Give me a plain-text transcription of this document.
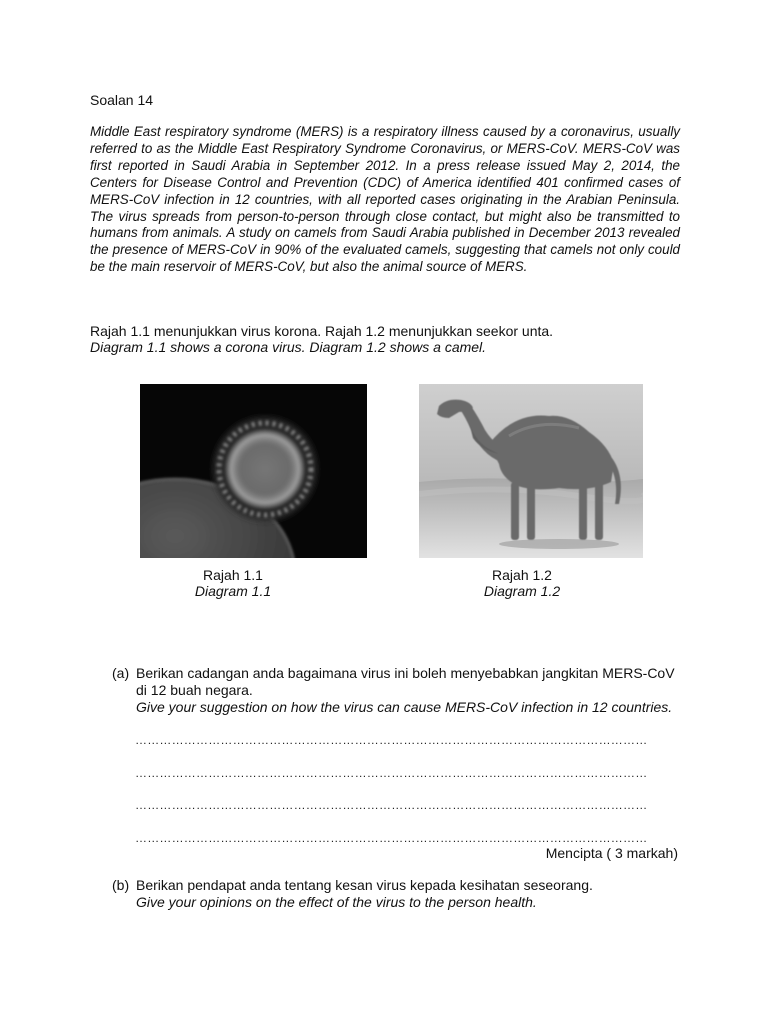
Soalan 14
Middle East respiratory syndrome (MERS) is a respiratory illness caused by a coronavirus, usually referred to as the Middle East Respiratory Syndrome Coronavirus, or MERS-CoV. MERS-CoV was first reported in Saudi Arabia in September 2012. In a press release issued May 2, 2014, the Centers for Disease Control and Prevention (CDC) of America identified 401 confirmed cases of MERS-CoV infection in 12 countries, with all reported cases originating in the Arabian Peninsula. The virus spreads from person-to-person through close contact, but might also be transmitted to humans from animals. A study on camels from Saudi Arabia published in December 2013 revealed the presence of MERS-CoV in 90% of the evaluated camels, suggesting that camels not only could be the main reservoir of MERS-CoV, but also the animal source of MERS.
Rajah 1.1 menunjukkan virus korona. Rajah 1.2 menunjukkan seekor unta.
Diagram 1.1 shows a corona virus. Diagram 1.2 shows a camel.
Rajah 1.1
Diagram 1.1
Rajah 1.2
Diagram 1.2
(a) Berikan cadangan anda bagaimana virus ini boleh menyebabkan jangkitan MERS-CoV di 12 buah negara.
Give your suggestion on how the virus can cause MERS-CoV infection in 12 countries.
………………………………………………………………………………………………………………
………………………………………………………………………………………………………………
………………………………………………………………………………………………………………
………………………………………………………………………………………………………………
Mencipta ( 3 markah)
(b) Berikan pendapat anda tentang kesan virus kepada kesihatan seseorang.
Give your opinions on the effect of the virus to the person health.
